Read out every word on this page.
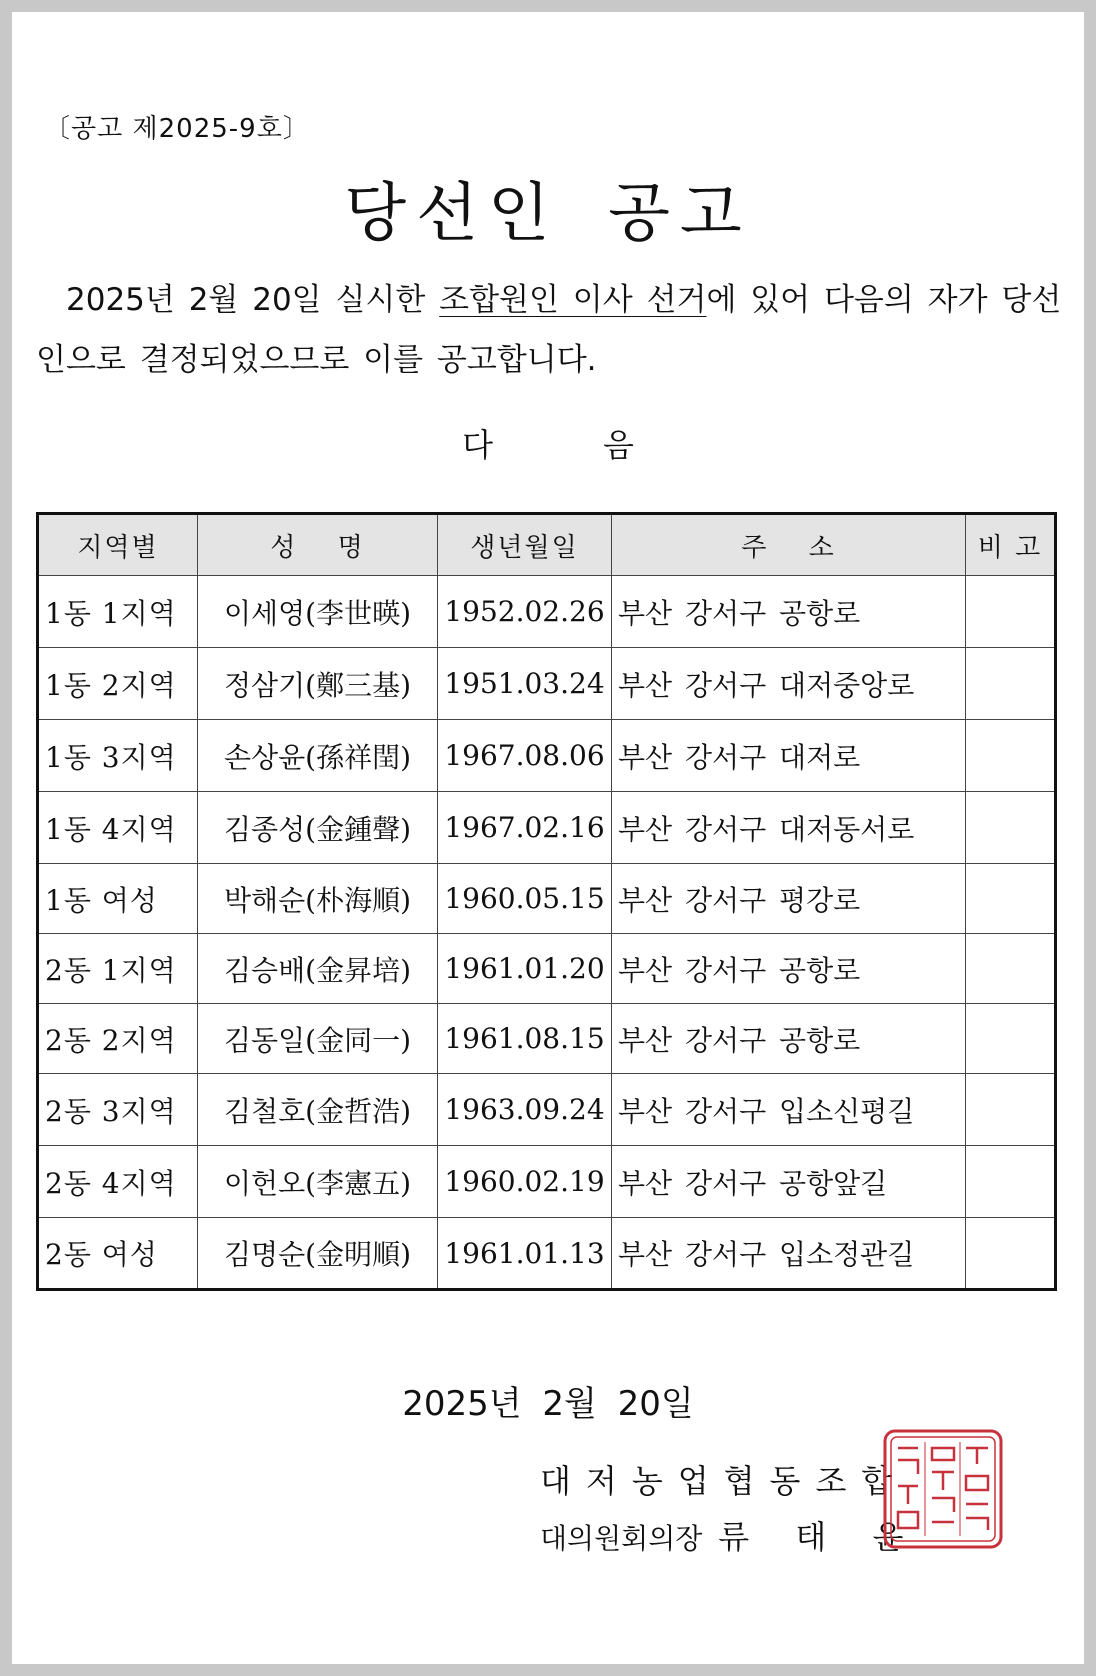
〔공고 제2025-9호〕
당선인 공고

2025년 2월 20일 실시한 조합원인 이사 선거에 있어 다음의 자가 당선인으로 결정되었으므로 이를 공고합니다.

다	음
지역별	성 명	생년월일	주 소	비 고
1동 1지역	이세영(李世暎)	1952.02.26	부산 강서구 공항로	
1동 2지역	정삼기(鄭三基)	1951.03.24	부산 강서구 대저중앙로	
1동 3지역	손상윤(孫祥閏)	1967.08.06	부산 강서구 대저로	
1동 4지역	김종성(金鍾聲)	1967.02.16	부산 강서구 대저동서로	
1동 여성	박해순(朴海順)	1960.05.15	부산 강서구 평강로	
2동 1지역	김승배(金昇培)	1961.01.20	부산 강서구 공항로	
2동 2지역	김동일(金同一)	1961.08.15	부산 강서구 공항로	
2동 3지역	김철호(金哲浩)	1963.09.24	부산 강서구 입소신평길	
2동 4지역	이헌오(李憲五)	1960.02.19	부산 강서구 공항앞길	
2동 여성	김명순(金明順)	1961.01.13	부산 강서구 입소정관길	
2025년 2월 20일
대저농업협동조합
대의원회의장 류 태 윤
